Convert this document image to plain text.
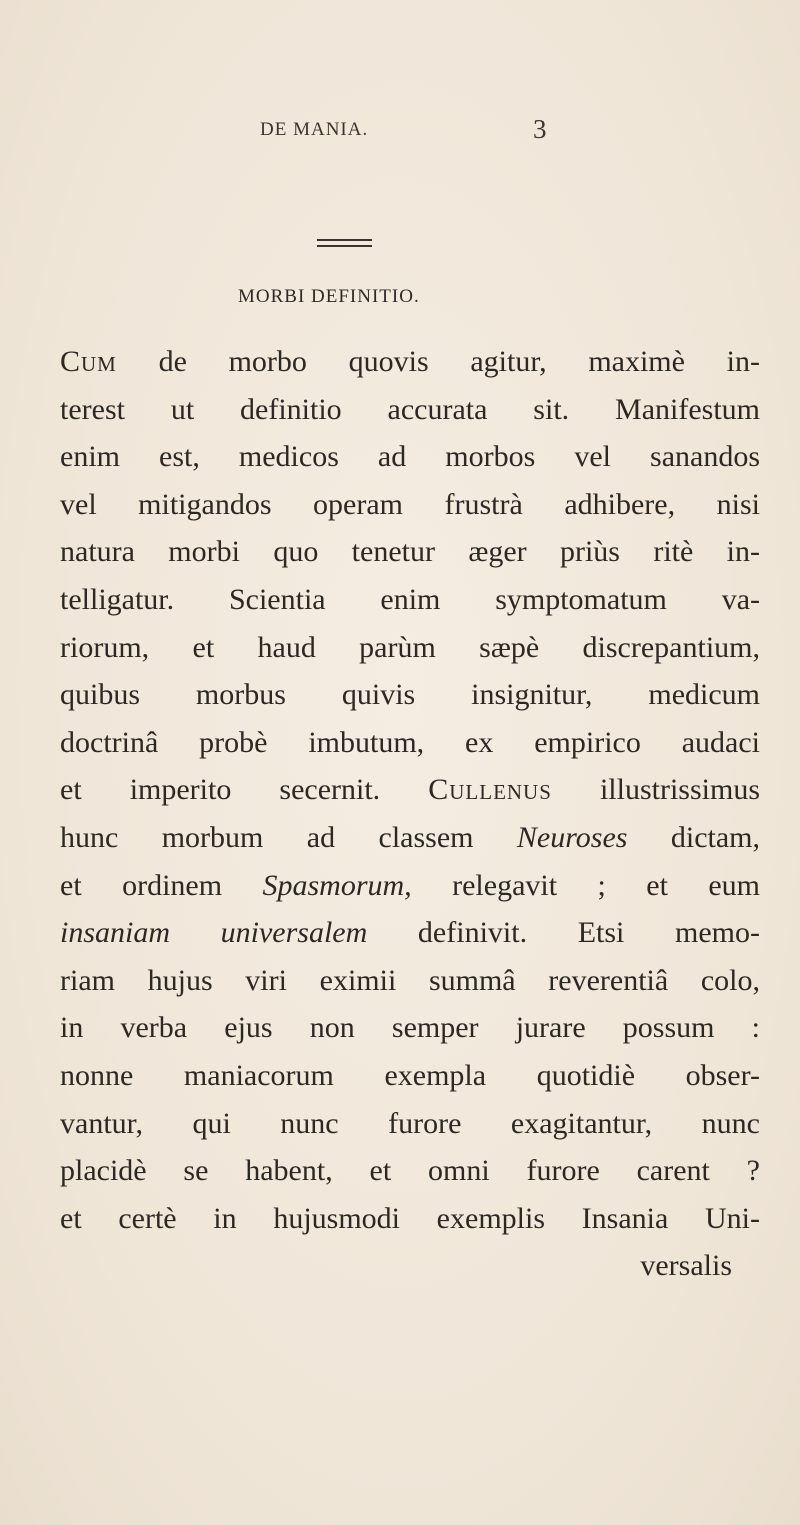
DE MANIA.	3
MORBI DEFINITIO.
Cum de morbo quovis agitur, maximè in-
terest ut definitio accurata sit. Manifestum
enim est, medicos ad morbos vel sanandos
vel mitigandos operam frustrà adhibere, nisi
natura morbi quo tenetur æger priùs ritè in-
telligatur. Scientia enim symptomatum va-
riorum, et haud parùm sæpè discrepantium,
quibus morbus quivis insignitur, medicum
doctrinâ probè imbutum, ex empirico audaci
et imperito secernit. Cullenus illustrissimus
hunc morbum ad classem Neuroses dictam,
et ordinem Spasmorum, relegavit ; et eum
insaniam universalem definivit. Etsi memo-
riam hujus viri eximii summâ reverentiâ colo,
in verba ejus non semper jurare possum :
nonne maniacorum exempla quotidiè obser-
vantur, qui nunc furore exagitantur, nunc
placidè se habent, et omni furore carent ?
et certè in hujusmodi exemplis Insania Uni-
versalis
